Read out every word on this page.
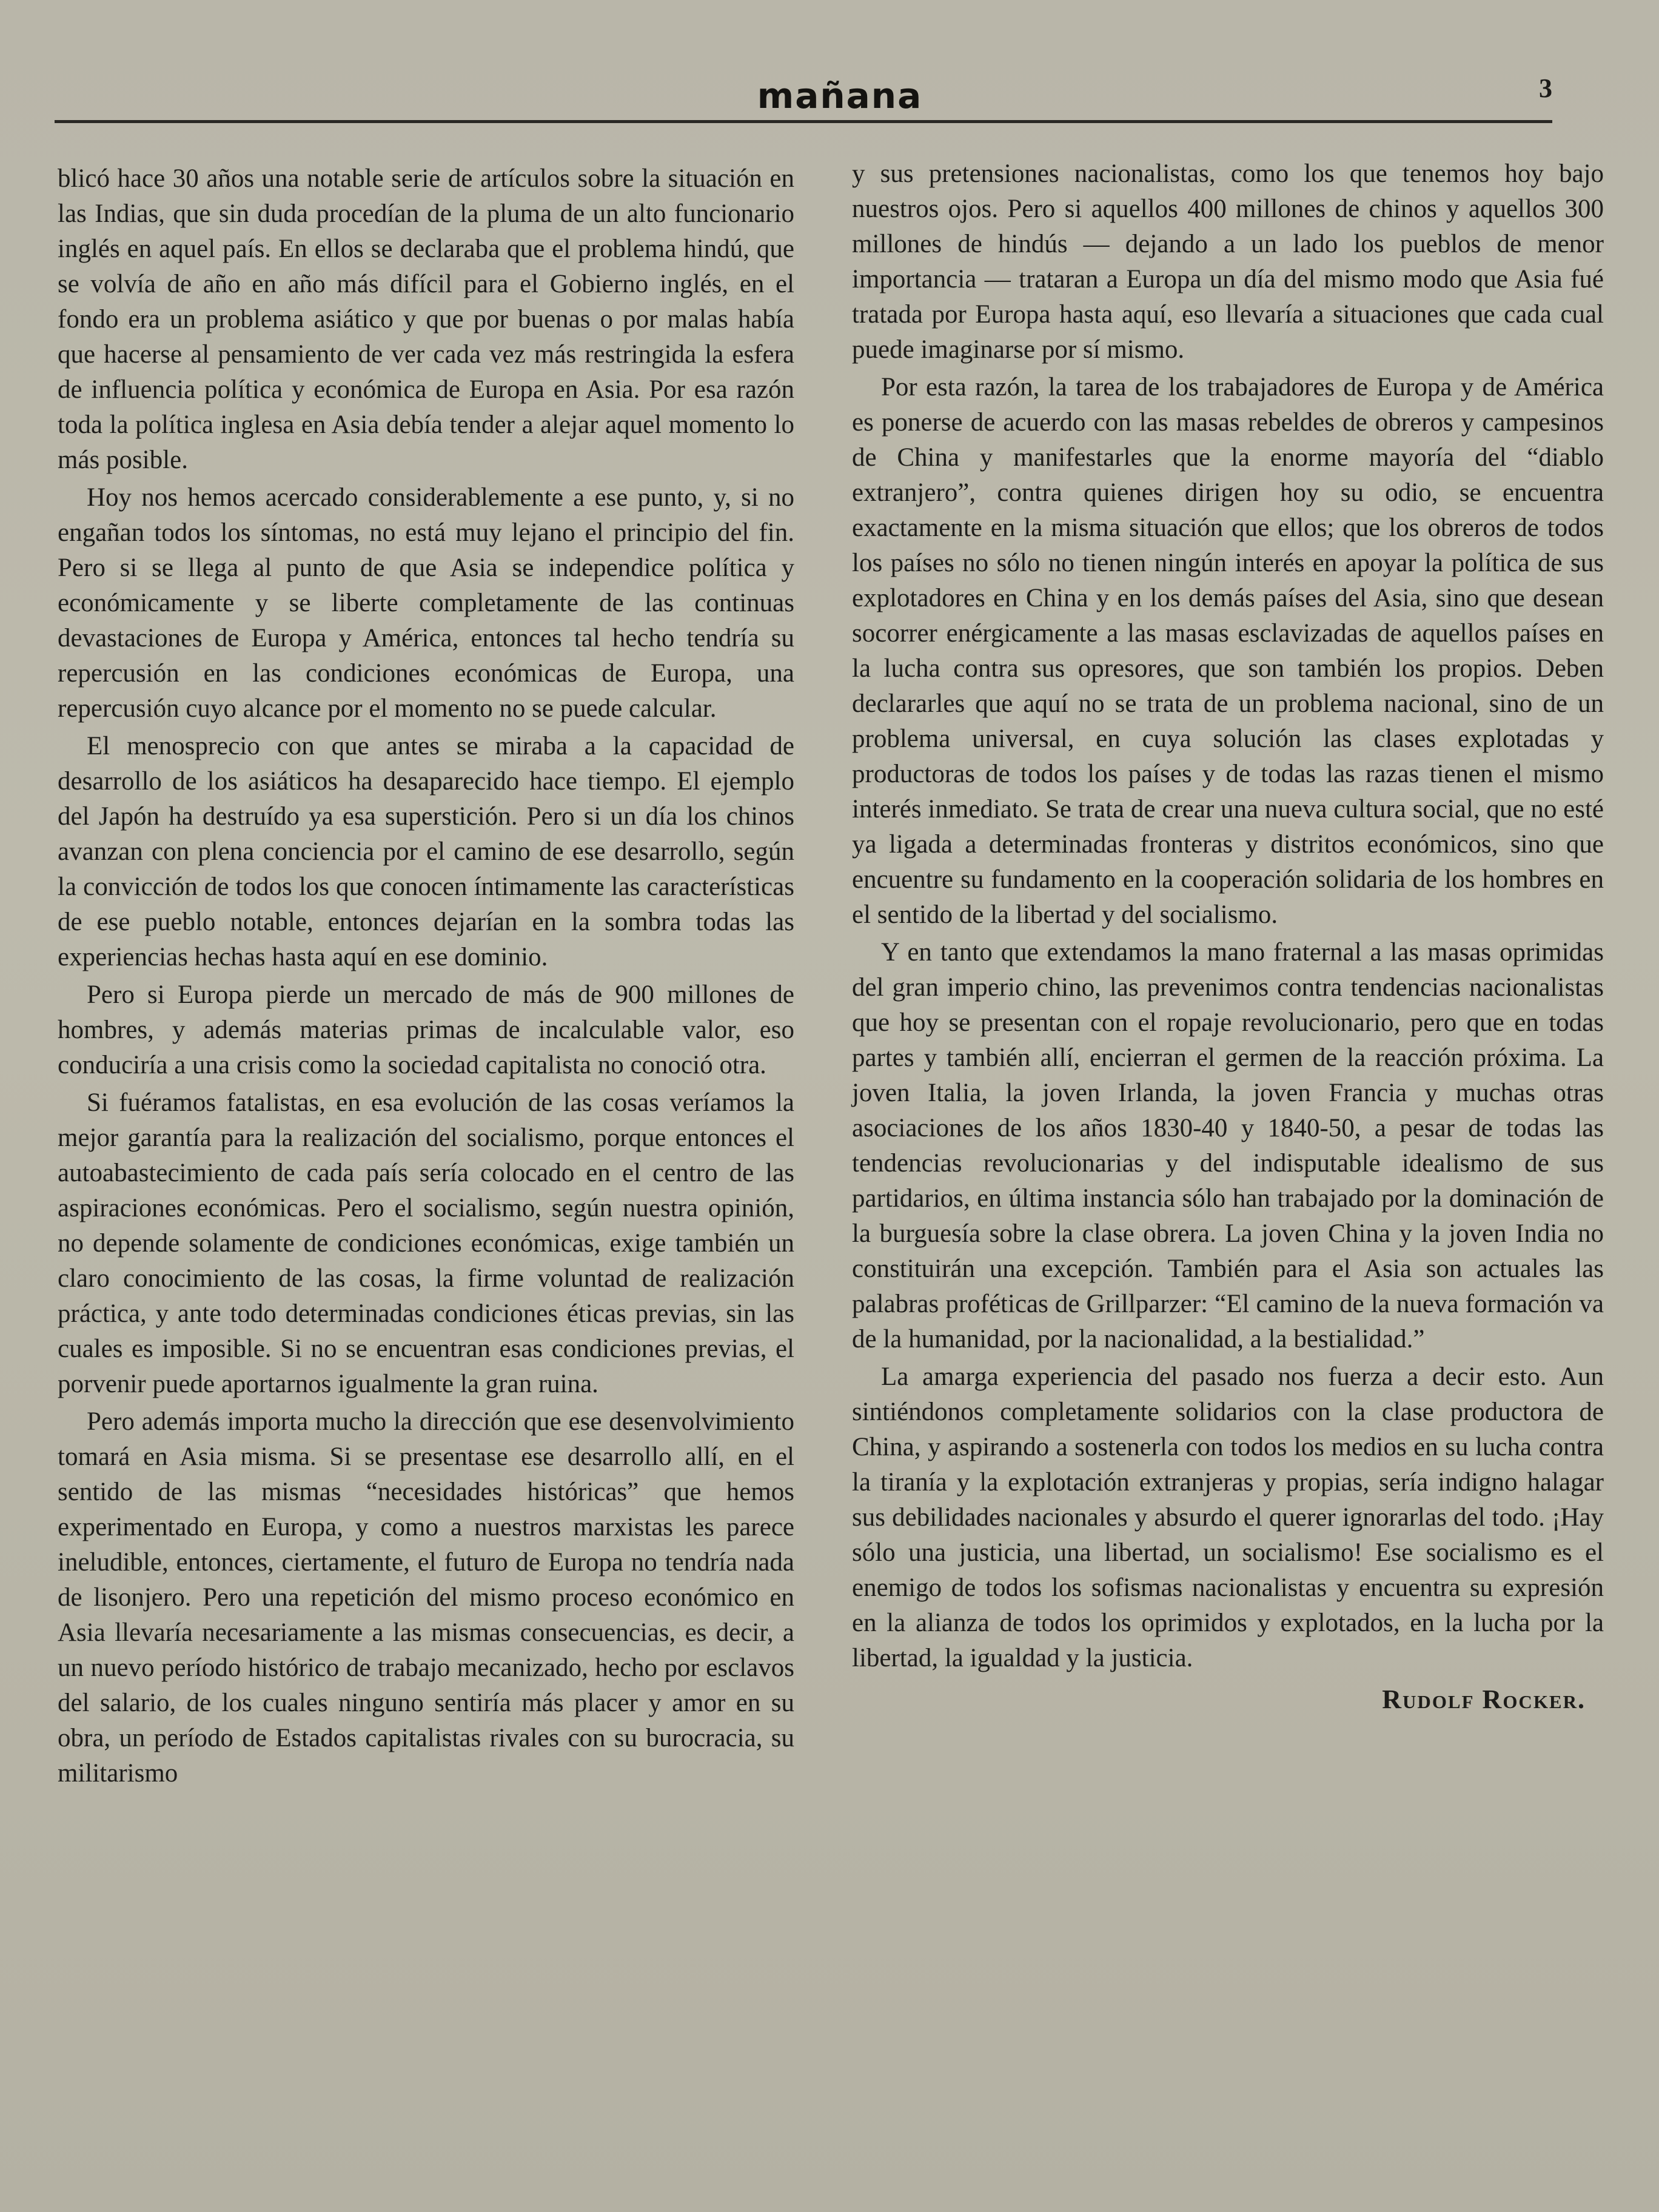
mañana	3

blicó hace 30 años una notable serie de artículos sobre la situación en las Indias, que sin duda procedían de la pluma de un alto funcionario inglés en aquel país. En ellos se declaraba que el problema hindú, que se volvía de año en año más difícil para el Gobierno inglés, en el fondo era un problema asiático y que por buenas o por malas había que hacerse al pensamiento de ver cada vez más restringida la esfera de influencia política y económica de Europa en Asia. Por esa razón toda la política inglesa en Asia debía tender a alejar aquel momento lo más posible.

Hoy nos hemos acercado considerablemente a ese punto, y, si no engañan todos los síntomas, no está muy lejano el principio del fin. Pero si se llega al punto de que Asia se independice política y económicamente y se liberte completamente de las continuas devastaciones de Europa y América, entonces tal hecho tendría su repercusión en las condiciones económicas de Europa, una repercusión cuyo alcance por el momento no se puede calcular.

El menosprecio con que antes se miraba a la capacidad de desarrollo de los asiáticos ha desaparecido hace tiempo. El ejemplo del Japón ha destruído ya esa superstición. Pero si un día los chinos avanzan con plena conciencia por el camino de ese desarrollo, según la convicción de todos los que conocen íntimamente las características de ese pueblo notable, entonces dejarían en la sombra todas las experiencias hechas hasta aquí en ese dominio.

Pero si Europa pierde un mercado de más de 900 millones de hombres, y además materias primas de incalculable valor, eso conduciría a una crisis como la sociedad capitalista no conoció otra.

Si fuéramos fatalistas, en esa evolución de las cosas veríamos la mejor garantía para la realización del socialismo, porque entonces el autoabastecimiento de cada país sería colocado en el centro de las aspiraciones económicas. Pero el socialismo, según nuestra opinión, no depende solamente de condiciones económicas, exige también un claro conocimiento de las cosas, la firme voluntad de realización práctica, y ante todo determinadas condiciones éticas previas, sin las cuales es imposible. Si no se encuentran esas condiciones previas, el porvenir puede aportarnos igualmente la gran ruina.

Pero además importa mucho la dirección que ese desenvolvimiento tomará en Asia misma. Si se presentase ese desarrollo allí, en el sentido de las mismas “necesidades históricas” que hemos experimentado en Europa, y como a nuestros marxistas les parece ineludible, entonces, ciertamente, el futuro de Europa no tendría nada de lisonjero. Pero una repetición del mismo proceso económico en Asia llevaría necesariamente a las mismas consecuencias, es decir, a un nuevo período histórico de trabajo mecanizado, hecho por esclavos del salario, de los cuales ninguno sentiría más placer y amor en su obra, un período de Estados capitalistas rivales con su burocracia, su militarismo

y sus pretensiones nacionalistas, como los que tenemos hoy bajo nuestros ojos. Pero si aquellos 400 millones de chinos y aquellos 300 millones de hindús — dejando a un lado los pueblos de menor importancia — trataran a Europa un día del mismo modo que Asia fué tratada por Europa hasta aquí, eso llevaría a situaciones que cada cual puede imaginarse por sí mismo.

Por esta razón, la tarea de los trabajadores de Europa y de América es ponerse de acuerdo con las masas rebeldes de obreros y campesinos de China y manifestarles que la enorme mayoría del “diablo extranjero”, contra quienes dirigen hoy su odio, se encuentra exactamente en la misma situación que ellos; que los obreros de todos los países no sólo no tienen ningún interés en apoyar la política de sus explotadores en China y en los demás países del Asia, sino que desean socorrer enérgicamente a las masas esclavizadas de aquellos países en la lucha contra sus opresores, que son también los propios. Deben declararles que aquí no se trata de un problema nacional, sino de un problema universal, en cuya solución las clases explotadas y productoras de todos los países y de todas las razas tienen el mismo interés inmediato. Se trata de crear una nueva cultura social, que no esté ya ligada a determinadas fronteras y distritos económicos, sino que encuentre su fundamento en la cooperación solidaria de los hombres en el sentido de la libertad y del socialismo.

Y en tanto que extendamos la mano fraternal a las masas oprimidas del gran imperio chino, las prevenimos contra tendencias nacionalistas que hoy se presentan con el ropaje revolucionario, pero que en todas partes y también allí, encierran el germen de la reacción próxima. La joven Italia, la joven Irlanda, la joven Francia y muchas otras asociaciones de los años 1830-40 y 1840-50, a pesar de todas las tendencias revolucionarias y del indisputable idealismo de sus partidarios, en última instancia sólo han trabajado por la dominación de la burguesía sobre la clase obrera. La joven China y la joven India no constituirán una excepción. También para el Asia son actuales las palabras proféticas de Grillparzer: “El camino de la nueva formación va de la humanidad, por la nacionalidad, a la bestialidad.”

La amarga experiencia del pasado nos fuerza a decir esto. Aun sintiéndonos completamente solidarios con la clase productora de China, y aspirando a sostenerla con todos los medios en su lucha contra la tiranía y la explotación extranjeras y propias, sería indigno halagar sus debilidades nacionales y absurdo el querer ignorarlas del todo. ¡Hay sólo una justicia, una libertad, un socialismo! Ese socialismo es el enemigo de todos los sofismas nacionalistas y encuentra su expresión en la alianza de todos los oprimidos y explotados, en la lucha por la libertad, la igualdad y la justicia.

Rudolf Rocker.
